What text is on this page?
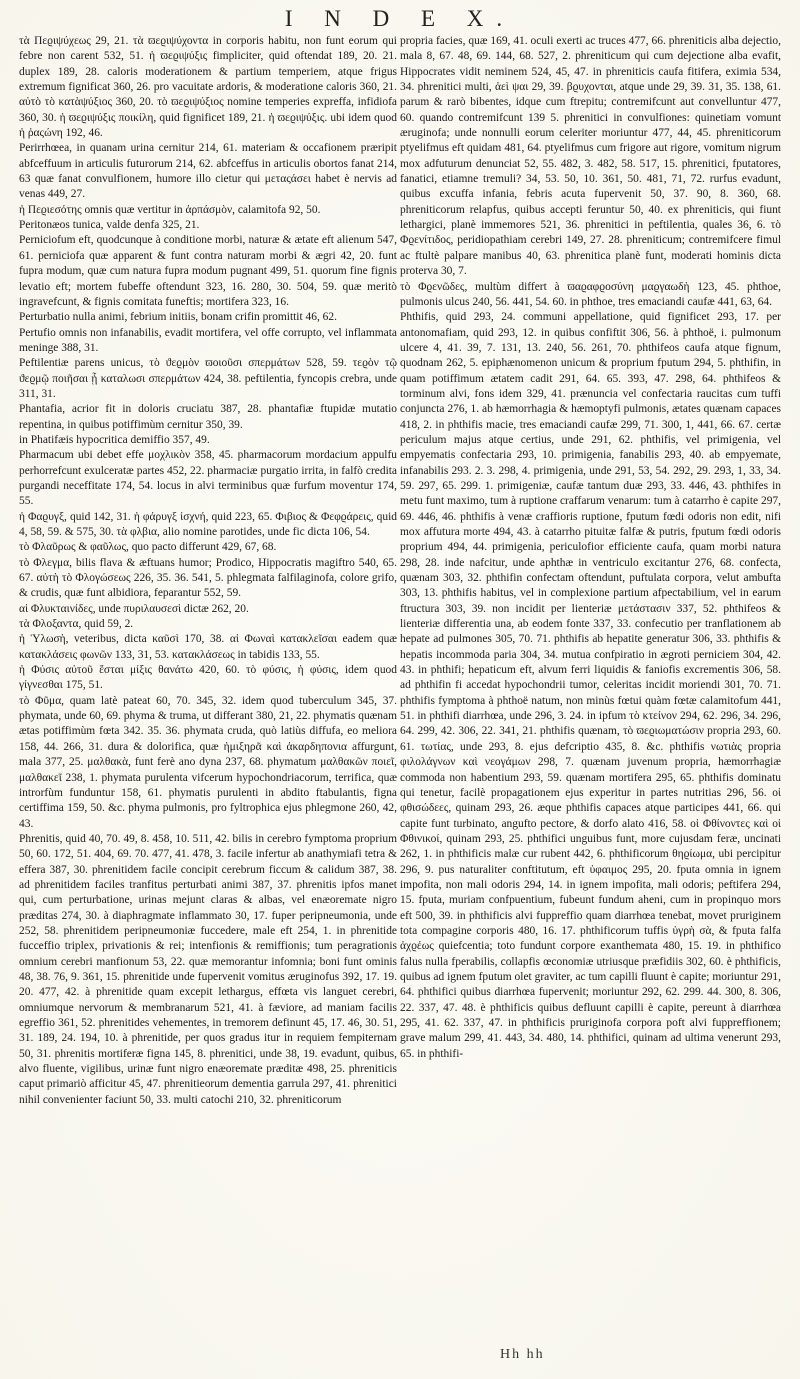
I N D E X.

τὰ Πεϱιψύχεως 29, 21. τὰ ϖεϱιψύχοντα in corporis habitu, non funt eorum qui febre non carent 532, 51. ἡ ϖεϱιψύξις fimpliciter, quid oftendat 189, 20. 21. duplex 189, 28. caloris moderationem & partium temperiem, atque frigus extremum fignificat 360, 26. pro vacuitate ardoris, & moderatione caloris 360, 21. αὐτὸ τὸ κατὰψύξιος 360, 20. τὸ ϖεϱιψύξιος nomine temperies expreffa, infidiofa 360, 30. ἡ ϖεϱιψύξις ποικίλη, quid fignificet 189, 21. ἡ ϖεϱιψύξις. ubi idem quod ἡ ῥαςώνη 192, 46.

Perirrhœea, in quanam urina cernitur 214, 61. materiam & occafionem præripit abfceffuum in articulis futurorum 214, 62. abfceffus in articulis obortos fanat 214, 63 quæ fanat convulfionem, humore illo cietur qui μεταςάσει habet è nervis ad venas 449, 27.

ἡ Πεϱιεσότης omnis quæ vertitur in ἀρπάσμὸν, calamitofa 92, 50.

Peritonæos tunica, valde denfa 325, 21.

Perniciofum eft, quodcunque à conditione morbi, naturæ & ætate eft alienum 547, 61. perniciofa quæ apparent & funt contra naturam morbi & ægri 42, 20. funt fupra modum, quæ cum natura fupra modum pugnant 499, 51. quorum fine fignis levatio eft; mortem fubeffe oftendunt 323, 16. 280, 30. 504, 59. quæ meritò ingravefcunt, & fignis comitata funeftis; mortifera 323, 16.

Perturbatio nulla animi, febrium initiis, bonam crifin promittit 46, 62.

Pertufio omnis non infanabilis, evadit mortifera, vel offe corrupto, vel inflammata meninge 388, 31.

Peftilentiæ parens unicus, τὸ ϑεϱμὸν ϖοιοῦσι σπερμάτων 528, 59. τεϱὸν τῷ ϑεϱμῷ ποιῆσαι ᾗ καταλωσι σπερμάτων 424, 38. peftilentia, fyncopis crebra, unde 311, 31.

Phantafia, acrior fit in doloris cruciatu 387, 28. phantafiæ ftupidæ mutatio repentina, in quibus potiffimùm cernitur 350, 39.

in Phatifæis hypocritica demiffio 357, 49.

Pharmacum ubi debet effe μοχλικὸν 358, 45. pharmacorum mordacium appulfu perhorrefcunt exulceratæ partes 452, 22. pharmaciæ purgatio irrita, in falfò credita purgandi neceffitate 174, 54. locus in alvi terminibus quæ furfum moventur 174, 55.

ἡ Φαϱυγξ, quid 142, 31. ἡ φάρυγξ ἰσχνή, quid 223, 65. Φιβιος & Φεφϱάρεις, quid 4, 58, 59. & 575, 30. τὰ φλβια, alio nomine parotides, unde fic dicta 106, 54.

τὸ Φλαῦρως & φαῦλως, quo pacto differunt 429, 67, 68.

τὸ Φλεγμα, bilis flava & æftuans humor; Prodico, Hippocratis magiftro 540, 65. 67. αὐτὴ τὸ Φλογώσεως 226, 35. 36. 541, 5. phlegmata falfilaginofa, colore grifo, & crudis, quæ funt albidiora, feparantur 552, 59.

αἱ Φλυκταινίδες, unde πυριλαυσεσὶ dictæ 262, 20.

τὰ Φλοξαντα, quid 59, 2.

ἡ Ὑλωσὴ, veteribus, dicta καῦσὶ 170, 38. αἱ Φωναὶ κατακλεῖσαι eadem quæ κατακλάσεις φωνῶν 133, 31, 53. κατακλάσεως in tabidis 133, 55.

ἡ Φύσις αὐτοῦ ἔσται μίξις θανάτω 420, 60. τὸ φύσις, ἡ φύσις, idem quod γίγνεσθαι 175, 51.

τὸ Φῦμα, quam latè pateat 60, 70. 345, 32. idem quod tuberculum 345, 37. phymata, unde 60, 69. phyma & truma, ut differant 380, 21, 22. phymatis quænam ætas potiffimùm fœta 342. 35. 36. phymata cruda, quò latiùs diffufa, eo meliora 158, 44. 266, 31. dura & dolorifica, quæ ἡμιξηρᾶ καὶ ἀκαρδηπονια affurgunt, mala 377, 25. μαλθακὰ, funt ferè ano dyna 237, 68. phymatum μαλθακῶν ποιεῖ, μαλθακεῖ 238, 1. phymata purulenta vifcerum hypochondriacorum, terrifica, quæ introrfùm funduntur 158, 61. phymatis purulenti in abdito ftabulantis, figna certiffima 159, 50. &c. phyma pulmonis, pro fyltrophica ejus phlegmone 260, 42, 43.

Phrenitis, quid 40, 70. 49, 8. 458, 10. 511, 42. bilis in cerebro fymptoma proprium 50, 60. 172, 51. 404, 69. 70. 477, 41. 478, 3. facile infertur ab anathymiafi tetra & effera 387, 30. phrenitidem facile concipit cerebrum ficcum & calidum 387, 38. ad phrenitidem faciles tranfitus perturbati animi 387, 37. phrenitis ipfos manet qui, cum perturbatione, urinas mejunt claras & albas, vel enæoremate nigro præditas 274, 30. à diaphragmate inflammato 30, 17. fuper peripneumonia, unde 252, 58. phrenitidem peripneumoniæ fuccedere, male eft 254, 1. in phrenitide fucceffio triplex, privationis & rei; intenfionis & remiffionis; tum peragrationis omnium cerebri manfionum 53, 22. quæ memorantur infomnia; boni funt ominis 48, 38. 76, 9. 361, 15. phrenitide unde fupervenit vomitus æruginofus 392, 17. 19. 20. 477, 42. à phrenitide quam excepit lethargus, effœta vis languet cerebri, omniumque nervorum & membranarum 521, 41. à fæviore, ad maniam facilis egreffio 361, 52. phrenitides vehementes, in tremorem definunt 45, 17. 46, 30. 51, 31. 189, 24. 194, 10. à phrenitide, per quos gradus itur in requiem fempiternam 50, 31. phrenitis mortiferæ figna 145, 8. phrenitici, unde 38, 19. evadunt, quibus, alvo fluente, vigilibus, urinæ funt nigro enæoremate præditæ 498, 25. phreniticis caput primariò afficitur 45, 47. phrenitieorum dementia garrula 297, 41. phrenitici nihil convenienter faciunt 50, 33. multi catochi 210, 32. phreniticorum

propria facies, quæ 169, 41. oculi exerti ac truces 477, 66. phreniticis alba dejectio, mala 8, 67. 48, 69. 144, 68. 527, 2. phreniticum qui cum dejectione alba evafit, Hippocrates vidit neminem 524, 45, 47. in phreniticis caufa fitifera, eximia 534, 34. phrenitici multi, ἀεὶ ψαι 29, 39. βϱυχονται, atque unde 29, 39. 31, 35. 138, 61. parum & rarò bibentes, idque cum ftrepitu; contremifcunt aut convelluntur 477, 60. quando contremifcunt 139 5. phrenitici in convulfiones: quinetiam vomunt æruginofa; unde nonnulli eorum celeriter moriuntur 477, 44, 45. phreniticorum ptyelifmus eft quidam 481, 64. ptyelifmus cum frigore aut rigore, vomitum nigrum mox adfuturum denunciat 52, 55. 482, 3. 482, 58. 517, 15. phrenitici, fputatores, fanatici, etiamne tremuli? 34, 53. 50, 10. 361, 50. 481, 71, 72. rurfus evadunt, quibus excuffa infania, febris acuta fupervenit 50, 37. 90, 8. 360, 68. phreniticorum relapfus, quibus accepti feruntur 50, 40. ex phreniticis, qui fiunt lethargici, planè immemores 521, 36. phrenitici in peftilentia, quales 36, 6. τὸ Φϱενίτιδος, peridiopathiam cerebri 149, 27. 28. phreniticum; contremifcere fimul ac ftultè palpare manibus 40, 63. phrenitica planè funt, moderati hominis dicta proterva 30, 7.

τὸ Φϱενῶδες, multùm differt à ϖαϱαφϱοσύνη μαϱγαωδὴ 123, 45. phthoe, pulmonis ulcus 240, 56. 441, 54. 60. in phthoe, tres emaciandi caufæ 441, 63, 64.

Phthifis, quid 293, 24. communi appellatione, quid fignificet 293, 17. per antonomafiam, quid 293, 12. in quibus confiftit 306, 56. à phthoë, i. pulmonum ulcere 4, 41. 39, 7. 131, 13. 240, 56. 261, 70. phthifeos caufa atque fignum, quodnam 262, 5. epiphænomenon unicum & proprium fputum 294, 5. phthifin, in quam potiffimum ætatem cadit 291, 64. 65. 393, 47. 298, 64. phthifeos & torminum alvi, fons idem 329, 41. prænuncia vel confectaria raucitas cum tuffi conjuncta 276, 1. ab hæmorrhagia & hæmoptyfi pulmonis, ætates quænam capaces 418, 2. in phthifis macie, tres emaciandi caufæ 299, 71. 300, 1, 441, 66. 67. certæ periculum majus atque certius, unde 291, 62. phthifis, vel primigenia, vel empyematis confectaria 293, 10. primigenia, fanabilis 293, 40. ab empyemate, infanabilis 293. 2. 3. 298, 4. primigenia, unde 291, 53, 54. 292, 29. 293, 1, 33, 34. 59. 297, 65. 299. 1. primigeniæ, caufæ tantum duæ 293, 33. 446, 43. phthifes in metu funt maximo, tum à ruptione craffarum venarum: tum à catarrho è capite 297, 69. 446, 46. phthifis à venæ craffioris ruptione, fputum fœdi odoris non edit, nifi mox affutura morte 494, 43. à catarrho pituitæ falfæ & putris, fputum fœdi odoris proprium 494, 44. primigenia, periculofior efficiente caufa, quam morbi natura 298, 28. inde nafcitur, unde aphthæ in ventriculo excitantur 276, 68. confecta, quænam 303, 32. phthifin confectam oftendunt, puftulata corpora, velut ambufta 303, 13. phthifis habitus, vel in complexione partium afpectabilium, vel in earum ftructura 303, 39. non incidit per lienteriæ μετάστασιν 337, 52. phthifeos & lienteriæ differentia una, ab eodem fonte 337, 33. confecutio per tranflationem ab hepate ad pulmones 305, 70. 71. phthifis ab hepatite generatur 306, 33. phthifis & hepatis incommoda paria 304, 34. mutua confpiratio in ægroti perniciem 304, 42. 43. in phthifi; hepaticum eft, alvum ferri liquidis & faniofis excrementis 306, 58. ad phthifin fi accedat hypochondrii tumor, celeritas incidit moriendi 301, 70. 71. phthifis fymptoma à phthoë natum, non minùs fœtui quàm fœtæ calamitofum 441, 51. in phthifi diarrhœa, unde 296, 3. 24. in ipfum τὸ κτείνον 294, 62. 296, 34. 296, 64. 299, 42. 306, 22. 341, 21. phthifis quænam, τὸ ϖεϱιωματώσιν propria 293, 60. 61. τωτίας, unde 293, 8. ejus defcriptio 435, 8. &c. phthifis νωτιὰς propria φιλολάγνων καὶ νεογάμων 298, 7. quænam juvenum propria, hæmorrhagiæ commoda non habentium 293, 59. quænam mortifera 295, 65. phthifis dominatu qui tenetur, facilè propagationem ejus experitur in partes nutritias 296, 56. οἱ φθισώδεες, quinam 293, 26. æque phthifis capaces atque participes 441, 66. qui capite funt turbinato, angufto pectore, & dorfo alato 416, 58. οἱ Φθίνοντες καὶ οἱ Φθινικοί, quinam 293, 25. phthifici unguibus funt, more cujusdam feræ, uncinati 262, 1. in phthificis malæ cur rubent 442, 6. phthificorum θηϱίωμα, ubi percipitur 296, 9. pus naturaliter conftitutum, eft ὑφαιμος 295, 20. fputa omnia in ignem impofita, non mali odoris 294, 14. in ignem impofita, mali odoris; peftifera 294, 15. fputa, muriam confpuentium, fubeunt fundum aheni, cum in propinquo mors eft 500, 39. in phthificis alvi fuppreffio quam diarrhœa tenebat, movet pruriginem tota compagine corporis 480, 16. 17. phthificorum tuffis ὑγρὴ σὰ, & fputa falfa ἀχϱέως quiefcentia; toto fundunt corpore exanthemata 480, 15. 19. in phthifico falus nulla fperabilis, collapfis œconomiæ utriusque præfidiis 302, 60. è phthificis, quibus ad ignem fputum olet graviter, ac tum capilli fluunt è capite; moriuntur 291, 64. phthifici quibus diarrhœa fupervenit; moriuntur 292, 62. 299. 44. 300, 8. 306, 22. 337, 47. 48. è phthificis quibus defluunt capilli è capite, pereunt à diarrhœa 295, 41. 62. 337, 47. in phthificis pruriginofa corpora poft alvi fuppreffionem; grave malum 299, 41. 443, 34. 480, 14. phthifici, quinam ad ultima venerunt 293, 65. in phthifi-

Hh hh
